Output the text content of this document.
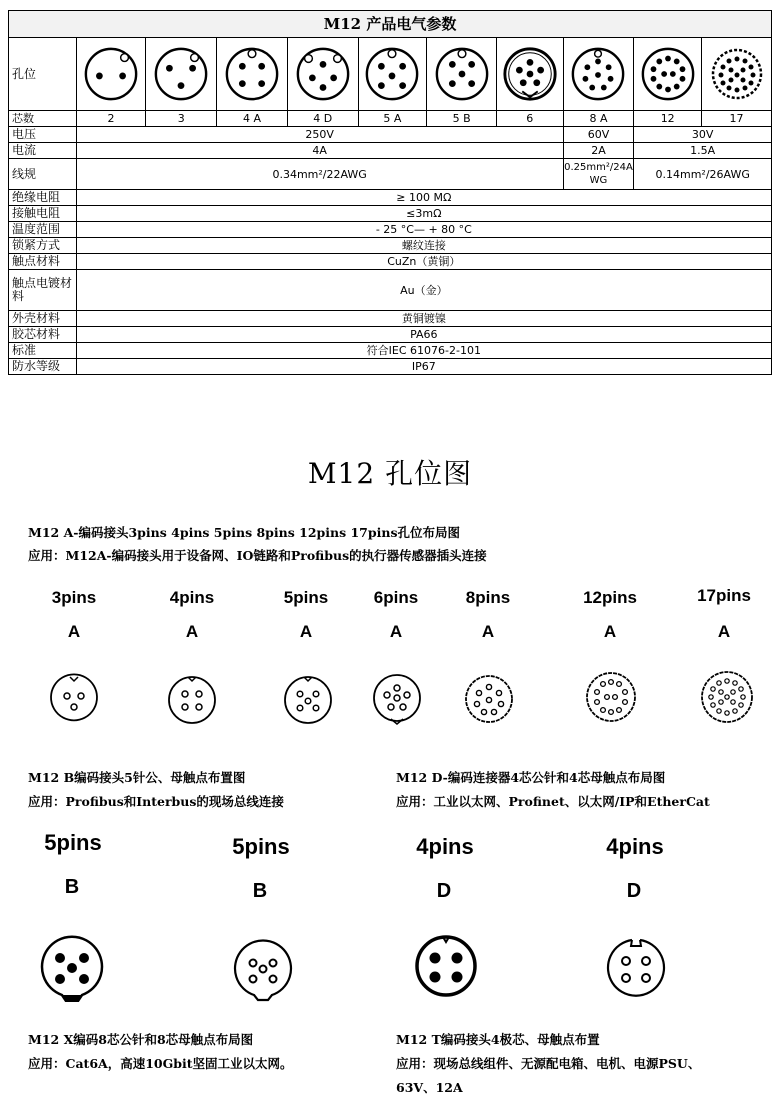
M12 产品电气参数										
孔位	

芯数	2	3	4 A	4 D	5 A	5 B	6	8 A	12	17
电压	250V							60V	30V	
电流	4A							2A	1.5A	
线规	0.34mm²/22AWG							0.25mm²/24AWG	0.14mm²/26AWG	
绝缘电阻	≥ 100 MΩ									
接触电阻	≤3mΩ									
温度范围	- 25 °C— + 80 °C									
锁紧方式	螺纹连接									
触点材料	CuZn（黄铜）									
触点电镀材料	Au（金）									
外壳材料	黄铜镀镍									
胶芯材料	PA66									
标准	符合IEC 61076-2-101									
防水等级	IP67									
M12 孔位图
M12 A-编码接头3pins 4pins 5pins 8pins 12pins 17pins孔位布局图
应用：M12A-编码接头用于设备网、IO链路和Profibus的执行器传感器插头连接
3pins	4pins	5pins	6pins	8pins	12pins	17pins
A	A	A	A	A	A	A
M12 B编码接头5针公、母触点布置图
应用：Profibus和Interbus的现场总线连接
M12 D-编码连接器4芯公针和4芯母触点布局图
应用：工业以太网、Profinet、以太网/IP和EtherCat
5pins	5pins	4pins	4pins
B	B	D	D
M12 X编码8芯公针和8芯母触点布局图
应用：Cat6A，高速10Gbit坚固工业以太网。
M12 T编码接头4极芯、母触点布置
应用：现场总线组件、无源配电箱、电机、电源PSU、
63V、12A
